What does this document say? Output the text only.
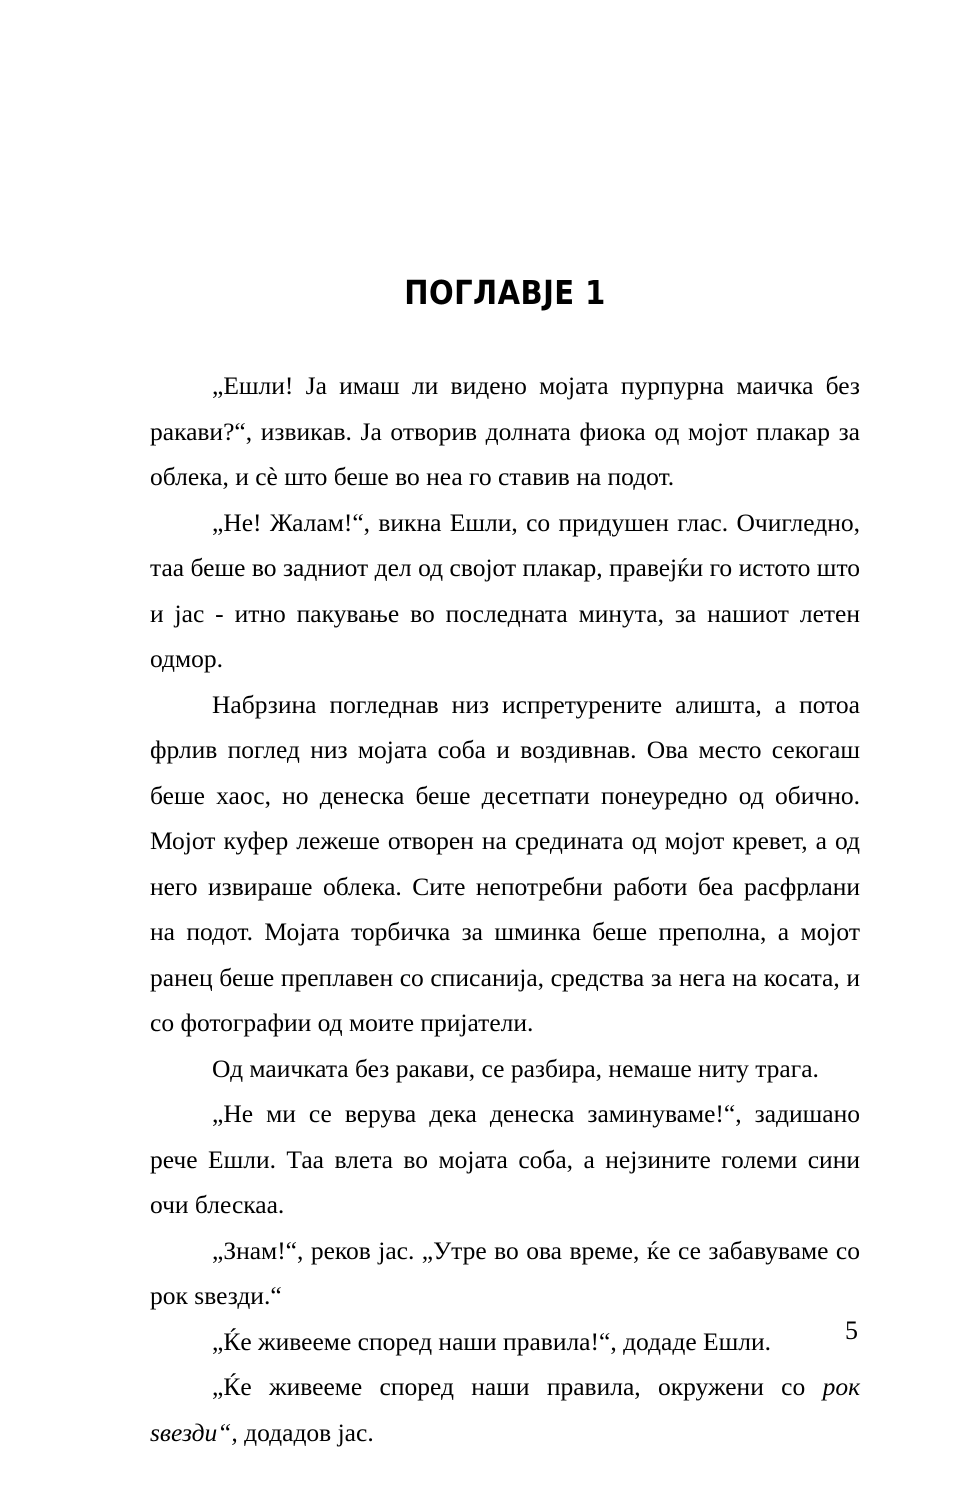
ПОГЛАВЈЕ 1

„Ешли! Ја имаш ли видено мојата пурпурна маичка без ракави?“, извикав. Ја отворив долната фиока од мојот плакар за облека, и сѐ што беше во неа го ставив на подот.

„Не! Жалам!“, викна Ешли, со придушен глас. Очигледно, таа беше во задниот дел од својот плакар, правејќи го истото што и јас - итно пакување во последната минута, за нашиот летен одмор.

Набрзина погледнав низ испретурените алишта, а потоа фрлив поглед низ мојата соба и воздивнав. Ова место секогаш беше хаос, но денеска беше десетпати понеуредно од обично. Мојот куфер лежеше отворен на средината од мојот кревет, а од него извираше облека. Сите непотребни работи беа расфрлани на подот. Мојата торбичка за шминка беше преполна, а мојот ранец беше преплавен со списанија, средства за нега на косата, и со фотографии од моите пријатели.

Од маичката без ракави, се разбира, немаше ниту трага.

„Не ми се верува дека денеска заминуваме!“, задишано рече Ешли. Таа влета во мојата соба, а нејзините големи сини очи блескаа.

„Знам!“, реков јас. „Утре во ова време, ќе се забавуваме со рок ѕвезди.“

„Ќе живееме според наши правила!“, додаде Ешли.

„Ќе живееме според наши правила, окружени со рок ѕвезди“, додадов јас.

5
